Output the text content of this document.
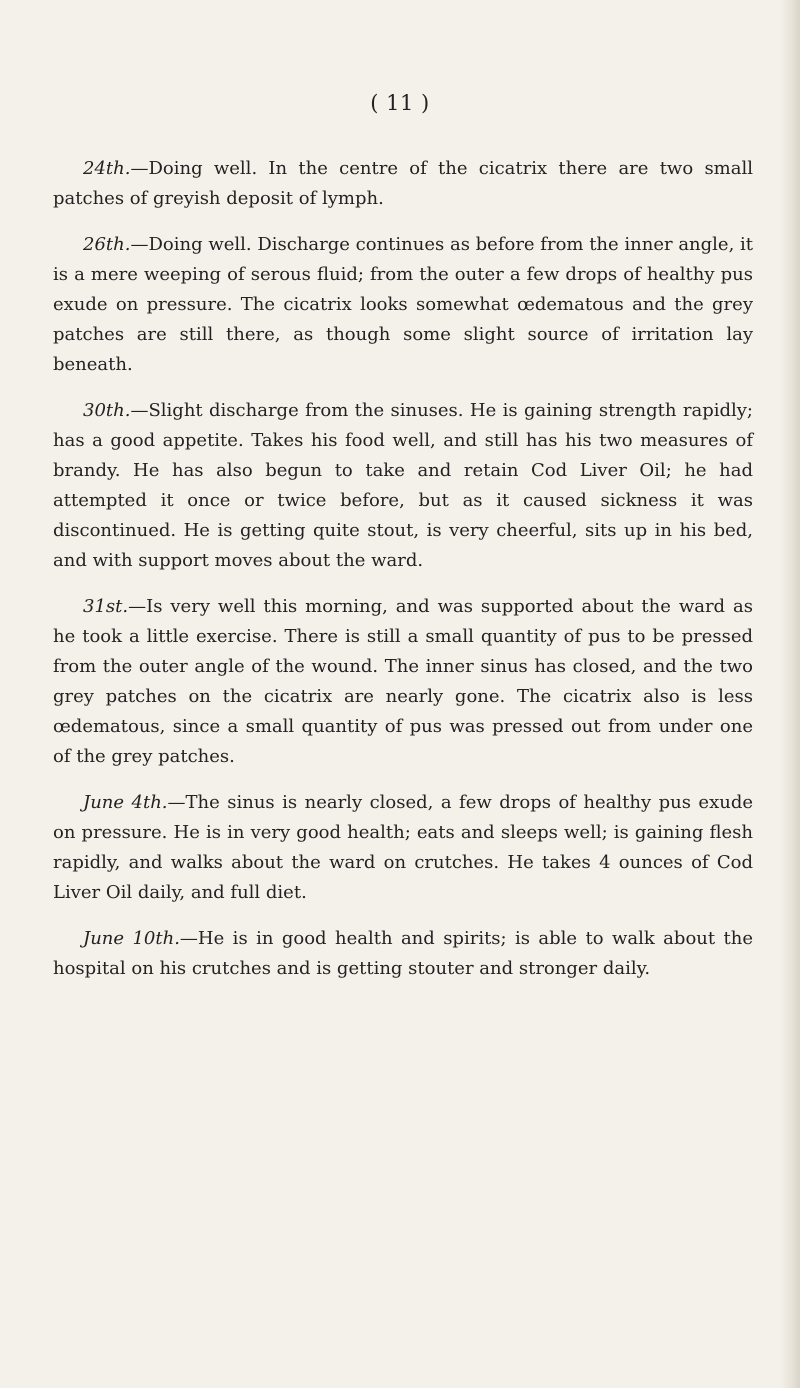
( 11 )

24th.—Doing well. In the centre of the cicatrix there are two small patches of greyish deposit of lymph.

26th.—Doing well. Discharge continues as before from the inner angle, it is a mere weeping of serous fluid; from the outer a few drops of healthy pus exude on pressure. The cicatrix looks somewhat œdematous and the grey patches are still there, as though some slight source of irritation lay beneath.

30th.—Slight discharge from the sinuses. He is gaining strength rapidly; has a good appetite. Takes his food well, and still has his two measures of brandy. He has also begun to take and retain Cod Liver Oil; he had attempted it once or twice before, but as it caused sickness it was discontinued. He is getting quite stout, is very cheerful, sits up in his bed, and with support moves about the ward.

31st.—Is very well this morning, and was supported about the ward as he took a little exercise. There is still a small quantity of pus to be pressed from the outer angle of the wound. The inner sinus has closed, and the two grey patches on the cicatrix are nearly gone. The cicatrix also is less œdematous, since a small quantity of pus was pressed out from under one of the grey patches.

June 4th.—The sinus is nearly closed, a few drops of healthy pus exude on pressure. He is in very good health; eats and sleeps well; is gaining flesh rapidly, and walks about the ward on crutches. He takes 4 ounces of Cod Liver Oil daily, and full diet.

June 10th.—He is in good health and spirits; is able to walk about the hospital on his crutches and is getting stouter and stronger daily.
